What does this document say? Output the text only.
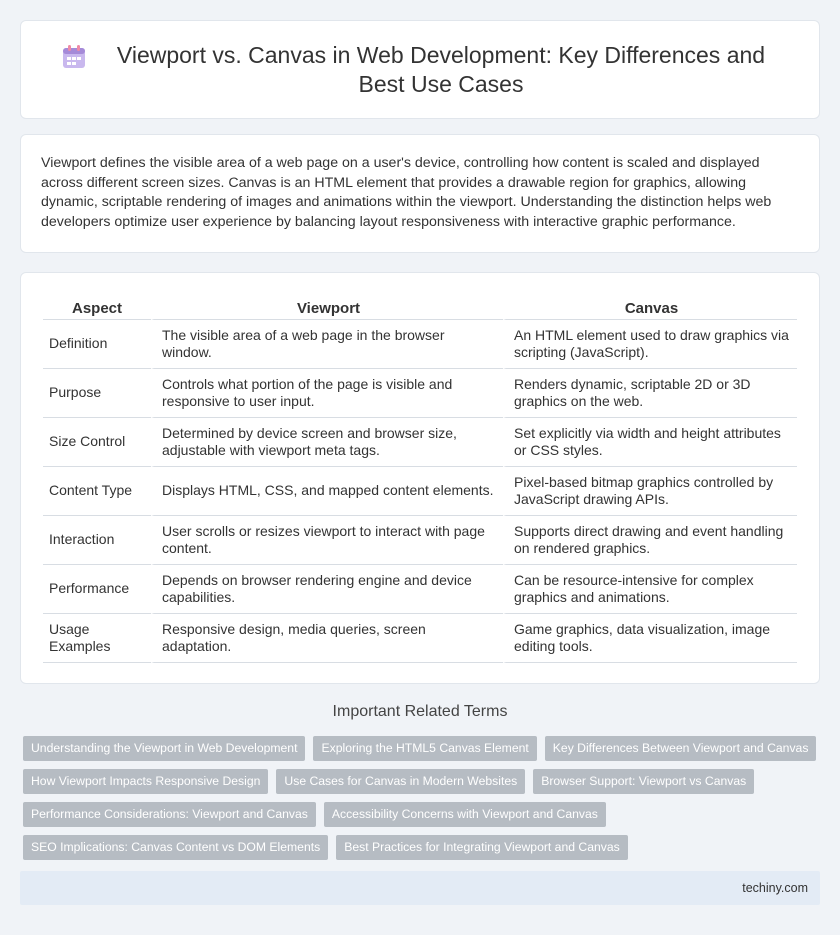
Viewport vs. Canvas in Web Development: Key Differences and Best Use Cases

Viewport defines the visible area of a web page on a user's device, controlling how content is scaled and displayed across different screen sizes. Canvas is an HTML element that provides a drawable region for graphics, allowing dynamic, scriptable rendering of images and animations within the viewport. Understanding the distinction helps web developers optimize user experience by balancing layout responsiveness with interactive graphic performance.

Aspect	Viewport	Canvas
Definition	The visible area of a web page in the browser window.	An HTML element used to draw graphics via scripting (JavaScript).
Purpose	Controls what portion of the page is visible and responsive to user input.	Renders dynamic, scriptable 2D or 3D graphics on the web.
Size Control	Determined by device screen and browser size, adjustable with viewport meta tags.	Set explicitly via width and height attributes or CSS styles.
Content Type	Displays HTML, CSS, and mapped content elements.	Pixel-based bitmap graphics controlled by JavaScript drawing APIs.
Interaction	User scrolls or resizes viewport to interact with page content.	Supports direct drawing and event handling on rendered graphics.
Performance	Depends on browser rendering engine and device capabilities.	Can be resource-intensive for complex graphics and animations.
Usage Examples	Responsive design, media queries, screen adaptation.	Game graphics, data visualization, image editing tools.
Important Related Terms
Understanding the Viewport in Web Development	Exploring the HTML5 Canvas Element	Key Differences Between Viewport and Canvas
How Viewport Impacts Responsive Design	Use Cases for Canvas in Modern Websites	Browser Support: Viewport vs Canvas
Performance Considerations: Viewport and Canvas	Accessibility Concerns with Viewport and Canvas
SEO Implications: Canvas Content vs DOM Elements	Best Practices for Integrating Viewport and Canvas
techiny.com
